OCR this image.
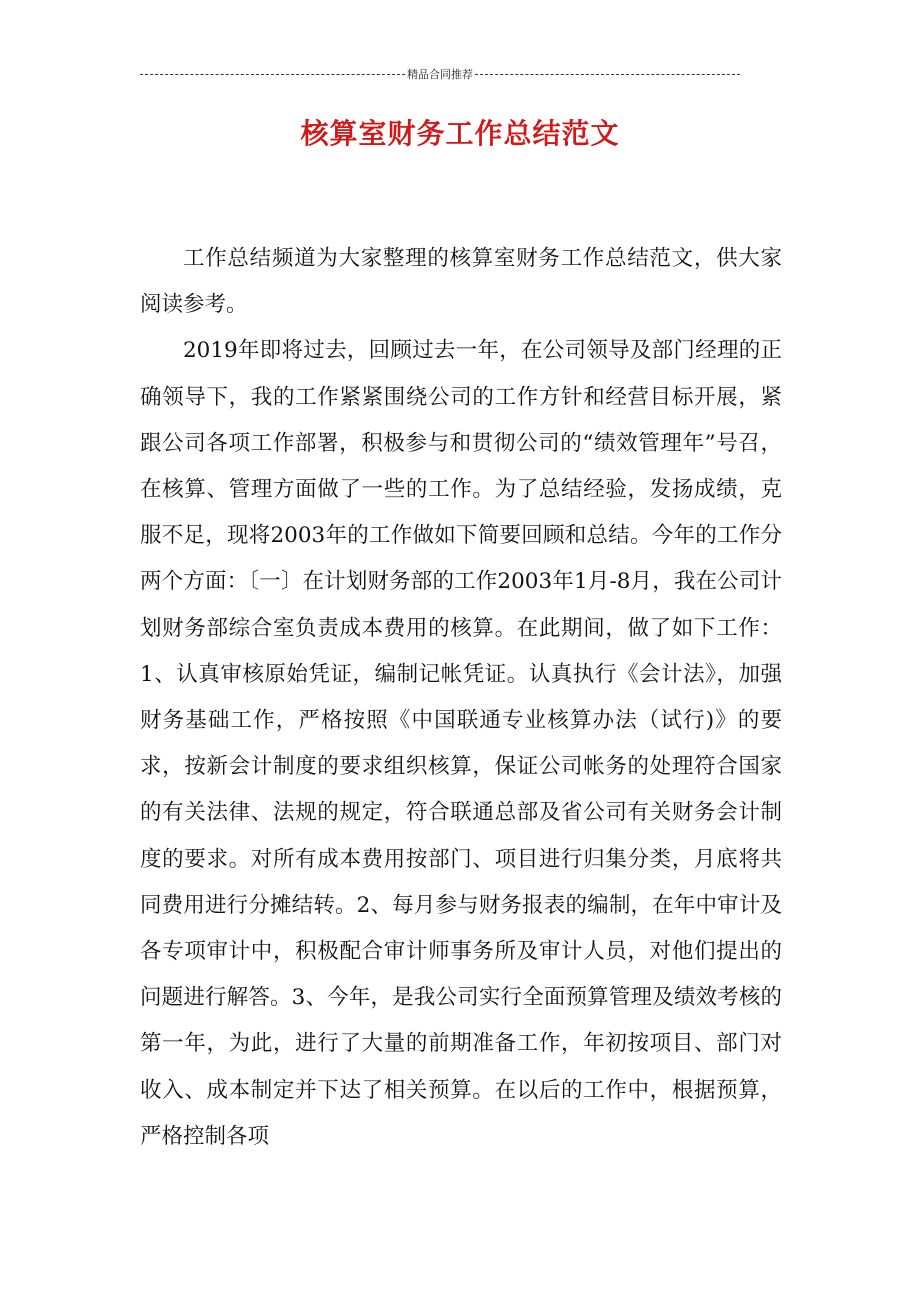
精品合同推荐
核算室财务工作总结范文

工作总结频道为大家整理的核算室财务工作总结范文，供大家阅读参考。

2019年即将过去，回顾过去一年，在公司领导及部门经理的正确领导下，我的工作紧紧围绕公司的工作方针和经营目标开展，紧跟公司各项工作部署，积极参与和贯彻公司的“绩效管理年”号召，在核算、管理方面做了一些的工作。为了总结经验，发扬成绩，克服不足，现将2003年的工作做如下简要回顾和总结。今年的工作分两个方面：〔一〕在计划财务部的工作2003年1月-8月，我在公司计划财务部综合室负责成本费用的核算。在此期间，做了如下工作：1、认真审核原始凭证，编制记帐凭证。认真执行《会计法》，加强财务基础工作，严格按照《中国联通专业核算办法（试行)》的要求，按新会计制度的要求组织核算，保证公司帐务的处理符合国家的有关法律、法规的规定，符合联通总部及省公司有关财务会计制度的要求。对所有成本费用按部门、项目进行归集分类，月底将共同费用进行分摊结转。2、每月参与财务报表的编制，在年中审计及各专项审计中，积极配合审计师事务所及审计人员，对他们提出的问题进行解答。3、今年，是我公司实行全面预算管理及绩效考核的第一年，为此，进行了大量的前期准备工作，年初按项目、部门对收入、成本制定并下达了相关预算。在以后的工作中，根据预算，严格控制各项
